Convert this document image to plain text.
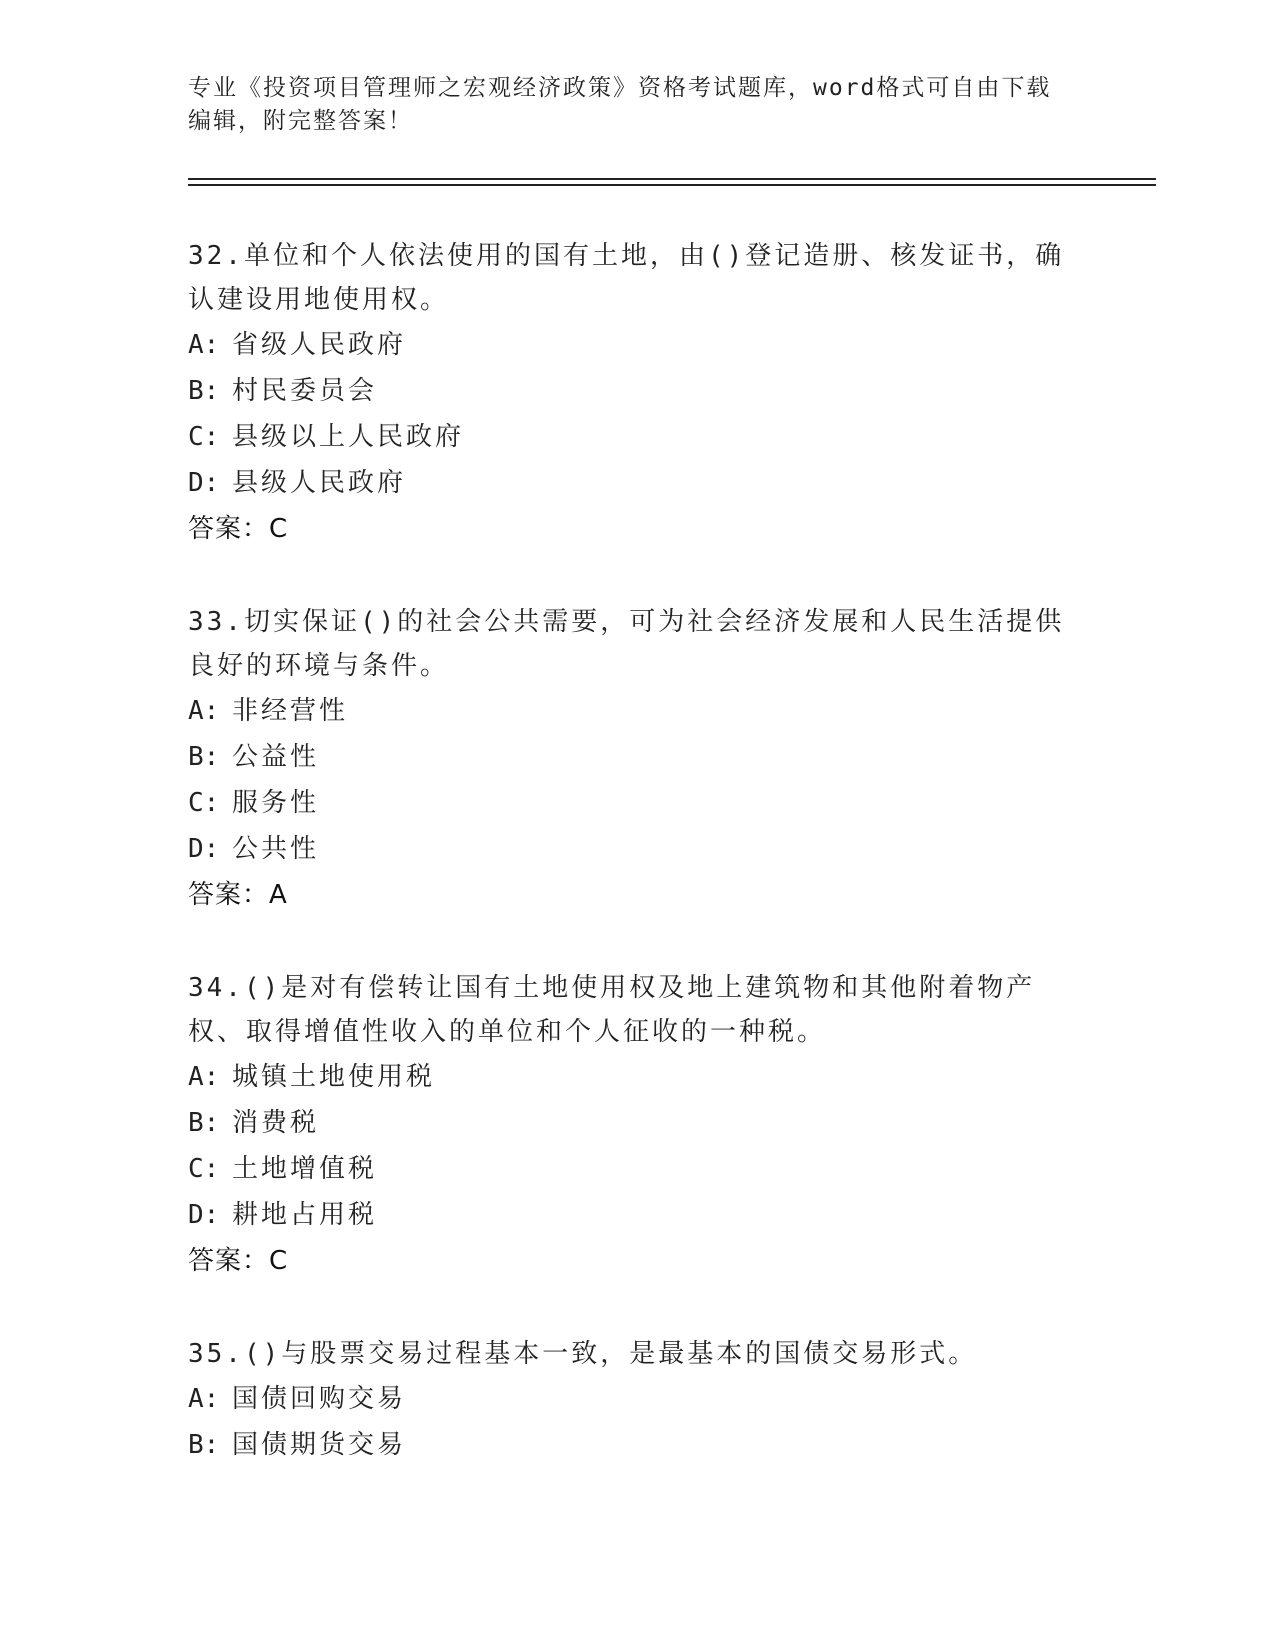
专业《投资项目管理师之宏观经济政策》资格考试题库，word格式可自由下载编辑，附完整答案！

32.单位和个人依法使用的国有土地，由()登记造册、核发证书，确认建设用地使用权。

A: 省级人民政府

B: 村民委员会

C: 县级以上人民政府

D: 县级人民政府

答案：C

33.切实保证()的社会公共需要，可为社会经济发展和人民生活提供良好的环境与条件。

A: 非经营性

B: 公益性

C: 服务性

D: 公共性

答案：A

34.()是对有偿转让国有土地使用权及地上建筑物和其他附着物产权、取得增值性收入的单位和个人征收的一种税。

A: 城镇土地使用税

B: 消费税

C: 土地增值税

D: 耕地占用税

答案：C

35.()与股票交易过程基本一致，是最基本的国债交易形式。

A: 国债回购交易

B: 国债期货交易
